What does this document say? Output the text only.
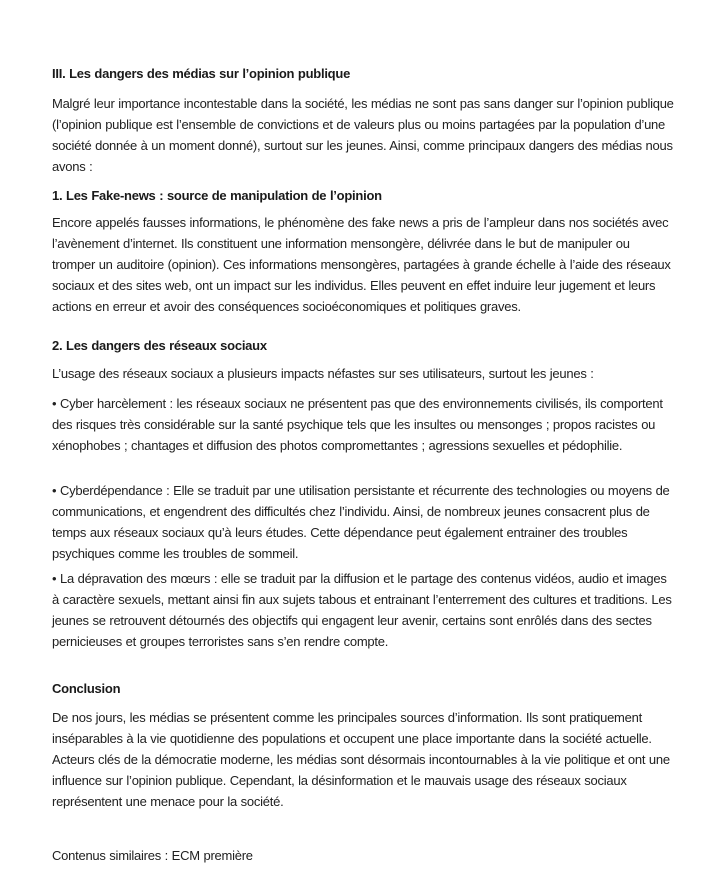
III. Les dangers des médias sur l’opinion publique
Malgré leur importance incontestable dans la société, les médias ne sont pas sans danger sur l’opinion publique (l’opinion publique est l’ensemble de convictions et de valeurs plus ou moins partagées par la population d’une société donnée à un moment donné), surtout sur les jeunes. Ainsi, comme principaux dangers des médias nous avons :
1. Les Fake-news : source de manipulation de l’opinion
Encore appelés fausses informations, le phénomène des fake news a pris de l’ampleur dans nos sociétés avec l’avènement d’internet. Ils constituent une information mensongère, délivrée dans le but de manipuler ou tromper un auditoire (opinion). Ces informations mensongères, partagées à grande échelle à l’aide des réseaux sociaux et des sites web, ont un impact sur les individus. Elles peuvent en effet induire leur jugement et leurs actions en erreur et avoir des conséquences socioéconomiques et politiques graves.
2. Les dangers des réseaux sociaux
L’usage des réseaux sociaux a plusieurs impacts néfastes sur ses utilisateurs, surtout les jeunes :
• Cyber harcèlement : les réseaux sociaux ne présentent pas que des environnements civilisés, ils comportent des risques très considérable sur la santé psychique tels que les insultes ou mensonges ; propos racistes ou xénophobes ; chantages et diffusion des photos compromettantes ; agressions sexuelles et pédophilie.
• Cyberdépendance : Elle se traduit par une utilisation persistante et récurrente des technologies ou moyens de communications, et engendrent des difficultés chez l’individu. Ainsi, de nombreux jeunes consacrent plus de temps aux réseaux sociaux qu’à leurs études. Cette dépendance peut également entrainer des troubles psychiques comme les troubles de sommeil.
• La dépravation des mœurs : elle se traduit par la diffusion et le partage des contenus vidéos, audio et images à caractère sexuels, mettant ainsi fin aux sujets tabous et entrainant l’enterrement des cultures et traditions. Les jeunes se retrouvent détournés des objectifs qui engagent leur avenir, certains sont enrôlés dans des sectes pernicieuses et groupes terroristes sans s’en rendre compte.
Conclusion
De nos jours, les médias se présentent comme les principales sources d’information. Ils sont pratiquement inséparables à la vie quotidienne des populations et occupent une place importante dans la société actuelle. Acteurs clés de la démocratie moderne, les médias sont désormais incontournables à la vie politique et ont une influence sur l’opinion publique. Cependant, la désinformation et le mauvais usage des réseaux sociaux représentent une menace pour la société.
Contenus similaires : ECM première
